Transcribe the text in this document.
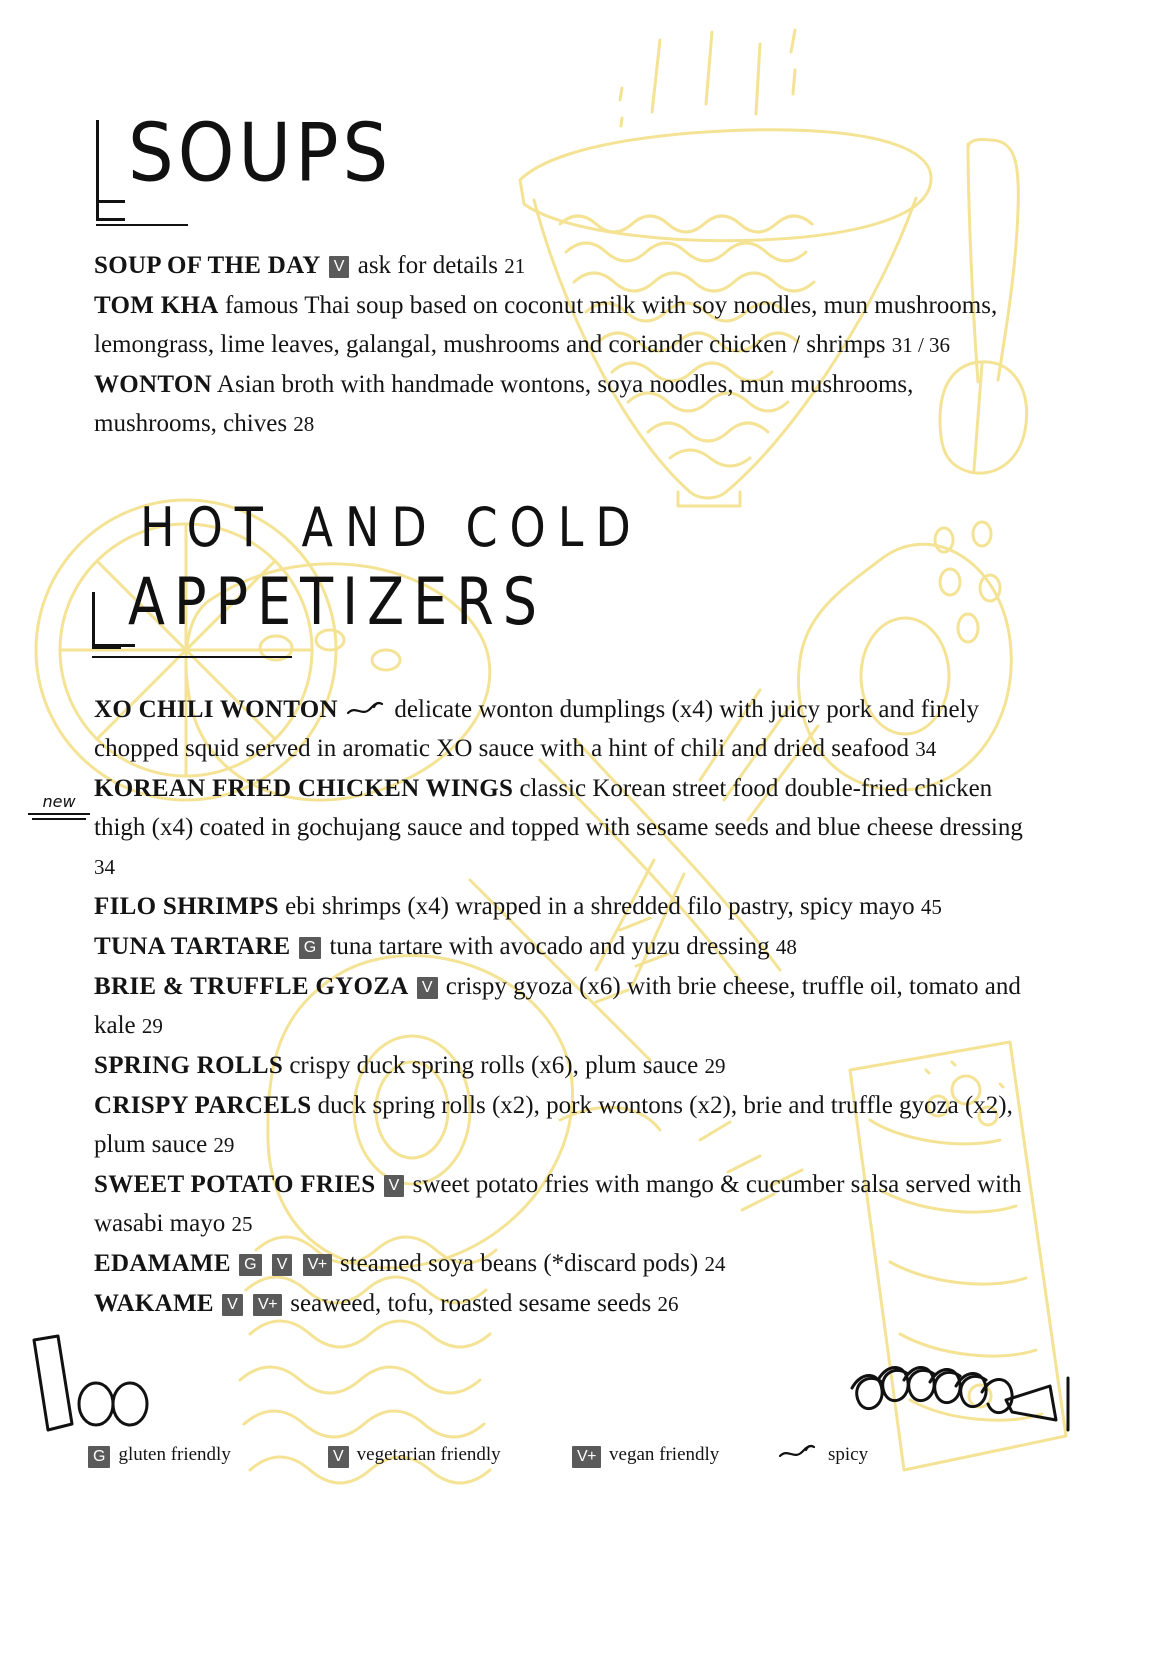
SOUPS

SOUP OF THE DAY V ask for details 21

TOM KHA famous Thai soup based on coconut milk with soy noodles, mun mushrooms, lemongrass, lime leaves, galangal, mushrooms and coriander chicken / shrimps 31 / 36

WONTON Asian broth with handmade wontons, soya noodles, mun mushrooms, mushrooms, chives 28

HOT AND COLD
APPETIZERS
new

XO CHILI WONTON delicate wonton dumplings (x4) with juicy pork and finely chopped squid served in aromatic XO sauce with a hint of chili and dried seafood 34

KOREAN FRIED CHICKEN WINGS classic Korean street food double-fried chicken thigh (x4) coated in gochujang sauce and topped with sesame seeds and blue cheese dressing 34

FILO SHRIMPS ebi shrimps (x4) wrapped in a shredded filo pastry, spicy mayo 45

TUNA TARTARE G tuna tartare with avocado and yuzu dressing 48

BRIE & TRUFFLE GYOZA V crispy gyoza (x6) with brie cheese, truffle oil, tomato and kale 29

SPRING ROLLS crispy duck spring rolls (x6), plum sauce 29

CRISPY PARCELS duck spring rolls (x2), pork wontons (x2), brie and truffle gyoza (x2), plum sauce 29

SWEET POTATO FRIES V sweet potato fries with mango & cucumber salsa served with wasabi mayo 25

EDAMAME G V V+ steamed soya beans (*discard pods) 24

WAKAME V V+ seaweed, tofu, roasted sesame seeds 26

G gluten friendly	V vegetarian friendly	V+ vegan friendly	spicy
